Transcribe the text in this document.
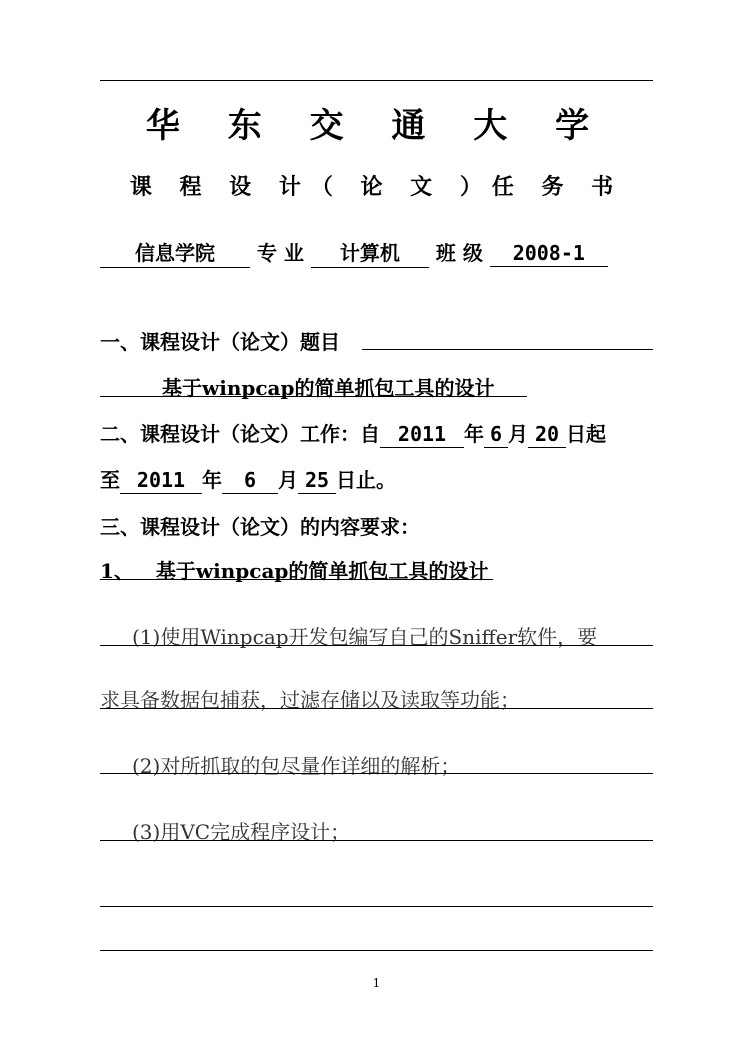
华 东 交 通 大 学
课 程 设 计（ 论 文 ）任 务 书
信息学院 专 业 计算机 班 级 2008-1
一、课程设计（论文）题目
基于winpcap的简单抓包工具的设计
二、课程设计（论文）工作：自 2011 年 6 月 20 日起
至 2011 年 6 月 25 日止。
三、课程设计（论文）的内容要求：
1、 基于winpcap的简单抓包工具的设计
(1)使用Winpcap开发包编写自己的Sniffer软件，要
求具备数据包捕获，过滤存储以及读取等功能；
(2)对所抓取的包尽量作详细的解析；
(3)用VC完成程序设计；
1
